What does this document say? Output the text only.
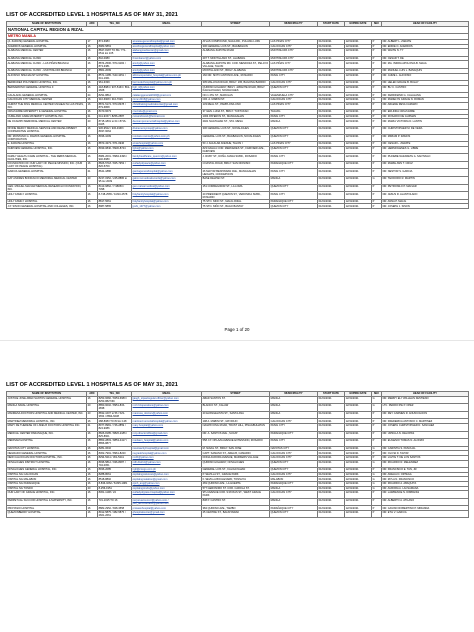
LIST OF ACCREDITED LEVEL 1 HOSPITALS AS OF MAY 31, 2021
NAME OF INSTITUTION	ARC	TEL_NO	EMAIL	STREET	MUNICIPALITY	START DATE	EXPIRE DATE	SEC	HEAD OF FACILITY
NATIONAL CAPITAL REGION & RIZAL									
METRO MANILA									
(A. ZARATE) GENERAL HOSPITAL	17	874-6983	azarateegeneralhospital@gmail.com	ATLAS COMPOUND, NAGA RD., PULANG LUPA	LAS PIÑAS CITY	01/01/2021	12/31/2021	P	DR. ALBERT L. ZARATE
ACERDOS GENERAL HOSPITAL	16	8983-5863	acerdosgeneralhospital@yahoo.com	306 GENERAL LUIS ST., BAGBAGUIN	CALOOCAN CITY	01/01/2021	12/31/2021	P	DR. EDDIE O. ACERDOS
ALABANG MEDICAL CENTER	16	8847-8187 TO 89 / 771-0511 loc 105	alabangmedcenter@gmail.com	ALABANG ZAPOTE ROAD	MUNTINLUPA CITY	01/01/2021	12/31/2021	P	DR. WHITE N. TY
ALABANG MEDICAL CLINIC	16	842-0080	fmsmitanez@yahoo.com	297 T. MONTILLANO ST., ALABANG	MUNTINLUPA CITY	01/01/2021	12/31/2021	P	DR. CESAR T. DE
ALABANG MEDICAL CLINIC - LAS PIÑAS BRANCH	16	8874-2506 / 874-9184 / 873-3381	amclp@yahoo.com	ALABANG-ZAPOTE RD. COR. MENDOZA ST., PELAYO VILLAGE, TALON	LAS PIÑAS CITY	01/01/2021	12/31/2021	P	DR. MA. ISIDRA APOLONIA B. MAAA
ALABANG MEDICAL CLINIC - MUNTINLUPA BRANCH	17	8861-2099	amclp@yahoo.com	MONTILLANO ST., BRGY. ALABANG	MUNTINLUPA CITY	01/01/2021	12/31/2021	P	DR. MANUEL LUIS L. BANAQUIS
ALFONSO SPECIALIST HOSPITAL	21	8571-1285 / 643-3451 / 641-1961	alfonsospecialist_hospital@yahoo.com.ph	160 DR. SIXTO ANTONIO AVE., ROSARIO	PASIG CITY	01/01/2021	12/31/2021	P	DR. JAIME L. ALFONSO
BERMUDEZ POLYMEDIC HOSPITAL, INC.	16	961-3339	bermudezhospital@yahoo.com.ph	305 MALAYAN ROAD, BRGY. 165, BAGONG BARRIO	CALOOCAN CITY	01/01/2021	12/31/2021	P	DR. HELEN GRACE B. BULAY
BERNARDINO GENERAL HOSPITAL II	16	418-8984 / 937-5163 / 861-2668	bgh_ii@yahoo.com	QUIRINO HIGHWAY, BRGY. JABANTE ROAD, BRGY. KALIGAYAHAN, NOVALICHES	QUEZON CITY	01/01/2021	12/31/2021	P	DR. BU C. CASTRO
CALALANG GENERAL HOSPITAL	24	8291-8812	calalanggeneral2018@gmail.com	NO.1 4TH ST., MARULAS	VALENZUELA CITY	01/01/2021	12/31/2021	P	DR. FERDINAND G. CALALANG
CALOOCAN CITY MEDICAL CENTER	16	310-6908 / 310-7026	ccmc.2015@yahoo.com	CIR. A. MABINI ST.	CALOOCAN CITY	01/01/2021	12/31/2021	G	DR. MADELYN GRACE N. ROMAN
CHRIST THE KING MEDICAL CENTER UNIHEALTH LAS PIÑAS, INC.	16	8871-5174 / 873-8378 / 879-6868	christthekingmedicalcenter@gmail.com	133 REAL ST., PAMPLONA UNO	LAS PIÑAS CITY	01/01/2021	12/31/2021	P	DR. ARLENE REVA CAMARO
CRUZ-RABE MATERNITY & GENERAL HOSPITAL	16	8470-6673	cruzrabe@gmail.com	37 GEN. LUNA ST., BRGY. TUKTUKAN	TAGUIG	01/01/2021	12/31/2021	P	DR. ERLINDA CRUZ-RABE
CURE AND CARE MATERNITY HOSPITAL INC.	21	641-9157 / 8256-2587	cureandcare1@hotmail.com	1004 PATEROS ST., MANGGAHAN	PASIG CITY	01/01/2021	12/31/2021	P	DR. ROSARIO DE GUZMAN
DE OCAMPO MEMORIAL MEDICAL CENTER	20	8715-1801 to 04 / 8716-0405	deocampomemorialhospital@yahoo.com	2921 NAGTAHAN ST., STA. MESA	MANILA	01/01/2021	12/31/2021	P	DR. MARIA VICTORIA D. LANTIN
DIVINE MERCY MEDICAL SERVICE AND DEVELOPMENT COOPERATIVE HOSPITAL	16	936-9522 / 936-4968 / 8937-6064	divinemercycoop@yahoo.com	306 GENERAL LUIS ST., NOVALICHES	QUEZON CITY	01/01/2021	12/31/2021	P	DR. CHRISTOPHER M. DE VERA
DR. MONTANO G. RAMOS GENERAL HOSPITAL CORPORATION	16	8936-1009	montano.ramos@yahoo.com.ph	GENERAL LUIS ST., BAGBAGUIN, NOVALICHES	QUEZON CITY	01/01/2021	12/31/2021	P	DR. MIRIAM P. RAMOS
E. ZARATE HOSPITAL	16	8873-4373 / 871-6946	ezatehospital@yahoo.com	50 J. AGUILAR AVENUE, TALON I	LAS PIÑAS CITY	01/01/2021	12/31/2021	P	DR. CESAR L. ZARATE
FAIRVIEW GENERAL HOSPITAL, INC.	16	8939-0840 / 8930-8744	fghsi@yahoo.com	#23 DAHLIA COR. MERCEDES ST., FAIRVIEW AVE., FAIRVIEW	QUEZON CITY	01/01/2021	12/31/2021	P	DR. HERMOGENES G. LIBRE
FAMILY HEALTH CARE HOSPITAL - THE REBIS MEDICAL FACILITIES, INC.	16	8984-2001 / 8984-3496 / 940-6680	familyhealthcare_quezon@yahoo.com	J. RUBY ST., DOÑA JUANA SUBD., ROSARIO	PASIG CITY	01/01/2021	12/31/2021	P	DR. PHOEBE NAZARETH A. SANTIAGO
FOUNDATION OF OUR LADY OF PEACE MISSION, INC. (OUR LADY OF PEACE HOSPITAL)	16	8826-5718 / 825-7953 / 826-5709	ourladyofpeace@yahoo.com	COASTAL ROAD, BRGY. SAN DIONISIO	PARAÑAQUE CITY	01/01/2021	12/31/2021	P	DR. MARIE ANN T. CRUZ
GARCIA GENERAL HOSPITAL	21	8641-1886	garciageneralhospital@yahoo.com	26 MAYOR BENITAWAN AVE., MANGGAHAN HEIGHTS, CONCEPCION	PASIG CITY	01/01/2021	12/31/2021	P	DR. NESTOR S. GARCIA
GAT ANDRES BONIFACIO MEMORIAL MEDICAL CENTER	20	8247-0352 / 245-8886 to 95 loc 2009	gabmmcmedicalrecords@yahoo.com	BASE DELPAN ST.	MANILA	01/01/2021	12/31/2021	G	DR. TEODORO R. MARTIN
GEN. MIGUEL MALVAR MEDICAL RESEARCH FOUNDATION, INC.	16	8413-6862 / 7-98050 / 7398	gen.malvarmedical@yahoo.com	151 CORREGIDOR ST., LA LOMA	QUEZON CITY	01/01/2021	12/31/2021	P	DR. PETRONILO P. MALVAR
HOLY FAMILY HOSPITAL	16	8-748-2565 / 9-810-4578	holyfamilyhospital@yahoo.com	20 PRESIDENT QUEZON ST., VERONIKA SUBD., ROSARIO	PASIG CITY	01/01/2021	12/31/2021	P	DR. JESUS R. ALANTOLADO
HOLY FAMILY HOSPITAL	16	8817-5661	holyfamilyhospital@yahoo.com	75 STO. NIÑO ST., MALIG RIZAL	PARAÑAQUE CITY	01/01/2021	12/31/2021	P	DR. ANNA P. MALIG
J.P. SISON GENERAL HOSPITAL AND COLLEGES, INC.	16	8987-5865	jpshi_1977@yahoo.com	75 STO. NIÑO ST., BAGO BANTAY	QUEZON CITY	01/01/2021	12/31/2021	P	DR. JOSEPH J. SISON
Page 1 of 20
LIST OF ACCREDITED LEVEL 1 HOSPITALS AS OF MAY 31, 2021
NAME OF INSTITUTION	ARC	TEL_NO	EMAIL	STREET	MUNICIPALITY	START DATE	EXPIRE DATE	SEC	HEAD OF FACILITY
JUSTICE JOSE ABAD SANTOS GENERAL HOSPITAL	16	8253-6682 / 8253-6680 / 8253-8827/69	jjasgh_stpaulregular.officer@yahoo.com	ABAD SANTOS ST.	MANILA	01/01/2021	12/31/2021	G	DR. MERRY ELY WILLELIN FESTIENO
MANILA NAVAL HOSPITAL	20	8850-6002 / 8951-815-4838	mnh.fctoperations@yahoo.com	BLANCO ST., KALAW	MANILA	01/01/2021	12/31/2021	G	LTC. PEDRO IPE P. OPEZ
MANRESA DOCTORS HOSPITAL AND MEDICAL CENTER, INC.	20	8832-1607 to 56 / 523-3654 / 8894-6038	manresa_doctors@yahoo.com	20 EVANGELISTA ST., SANTA ANA	MANILA	01/01/2021	12/31/2021	P	DR. REY CARMEN R. ANUNCIACION
MARTINEZ MEMORIAL HOSPITAL, INC.	16	288-8083 TO 83 loc 128	martinezmemorialhospital@yahoo.com	198 A. MABINI ST., MAYPAJO	CALOOCAN CITY	01/01/2021	12/31/2021	P	DR. FREDERICA ANTONIO C. MARTINEZ
MARY DE THERESE OF LISIEUX DOCTORS HOSPITAL INC.	21	8977-8981 / 746-2859 / 824-9086	mary.hospital@yahoo.com	NAGPAYONG ROAD, TRUST HILL, PINAGBUHATAN	PASIG CITY	01/01/2021	12/31/2021	P	DR. JOSEPH CHRISTOPHER D. SANCHEZ
MEDICAL CENTER PARAÑAQUE, INC.	16	8826-8185 / 8826-2186 / 825-8601	mcp.directoroffice@gmail.com	DR. A. SANTOS AVE., SUCAT	PARAÑAQUE CITY	01/01/2021	12/31/2021	P	DR. URSULA N. DELOPAS
MEDISAM HOSPITAL	16	8853-2803 / 8853-4417 / 8856-8877	medsam_hospital@yahoo.com	558 J.P. OPLAZA AVENUE EXTENSION, ROSARIO	PASIG CITY	01/01/2021	12/31/2021	P	DR. EUGENIO TOMAS N. ALONZO
NAVOTAS CITY HOSPITAL	16	8281-0632	navotascityhospital@gmail.com	M. NAVAL ST., BRGY. SAN JOSE	NAVOTAS CITY	01/01/2021	12/31/2021	G	DR. CARINTIA S. PASCUAL
NEGRADO GENERAL HOSPITAL	16	8362-7991 / 8961-8220	negradohospital@yahoo.com	CAPT. SAMANO ST., AREA B, CAMARIN	CALOOCAN CITY	01/01/2021	12/31/2021	P	DR. OLIVIA D. TAVOR
NEW CALOOCAN DOCTORS HOSPITAL, INC.	16	8294-5211 / 361-5241	ncdh@yahoo.com	DOÑA AURORA AVENUE, MARKERS VILLAGE	CALOOCAN CITY	01/01/2021	12/31/2021	P	DR. LUZYE T. DE LOS SANTOS
NOVALICHES DISTRICT HOSPITAL	16	8936-5812 / 936-8087 / 794-0051	ndh.district@yahoo.com	QUIRINO HIGHWAY, NOVALICHES	QUEZON CITY	01/01/2021	12/31/2021	G	DR. RICARDO R. MELENDEZ
NOVALICHES GENERAL HOSPITAL, INC.	16	8936-2085	ngh@congo.com.ph	GENERAL LUIS ST., KALIGAYAHAN	QUEZON CITY	01/01/2021	12/31/2021	P	DR. FRANCISCO E. TAN, JR.
OSPITAL NG CALOOCAN	16	8288-8061	ospitalngcaloocan@yahoo.com	P. SEVILLA ST., GRACE PARK	CALOOCAN CITY	01/01/2021	12/31/2021	G	DR. ANELIA D. ORTEGA
OSPITAL NG MALABON	16	8518-8802	ospitalngmalabon@gmail.com	F. SEVILLA BOULEVARD, TONSUYA	MALABON	01/01/2021	12/31/2021	G	DR. MYLA N. FRANCISCO
OSPITAL NG PARAÑAQUE	16	8-836-0262 / 8-825-1981	opnh_ang@yahoo.com	469 QUIRINO AVE., LA HUERTA	PARAÑAQUE CITY	01/01/2021	12/31/2021	G	DR. RICARDO A. ABAQUITA
OSPITAL NG TONDO	20	8-256-1951	ospitalngtondo@yahoo.com	577 GERONIMO ST. COR. CAROLA ST.	MANILA	01/01/2021	12/31/2021	G	DR. AURORA A. LACSAMANA
OUR LADY OF GRACE HOSPITAL, INC.	16	8361-1108 / 24	ourladyofgrace.hospital@yahoo.com	9TH AVENUE COR. 9 ROXAS ST., WEST GRACE PARK	CALOOCAN CITY	01/01/2021	12/31/2021	P	DR. LAWRENCE N. DIMBANGI
PERPETUAL SUCCOR HOSPITAL & MATERNITY, INC.	16	731-1015 TO 16	perpetual.succor@yahoo.com / psh_administrator@yahoo.com	838 P. CASTRO ST.	MANILA	01/01/2021	12/31/2021	P	DR. ALBERTO A. ATILANO
PROTASIO HOSPITAL	16	8882-2952 / 828-3558	protasiohospital@yahoo.com	384 QUIRINO AVE., TAMBO	PARAÑAQUE CITY	01/01/2021	12/31/2021	P	DR. GAVINO ROBERTINO P. MIRANDA
QUEZONBERRY HOSPITAL	16	8912-5875 / 382-5875 / 2661-2661	qhospitalcenter@gmail.com	25 CENTRE ST., BALINTAWAK	QUEZON CITY	01/01/2021	12/31/2021	P	DR. ETH V. GARCIA
